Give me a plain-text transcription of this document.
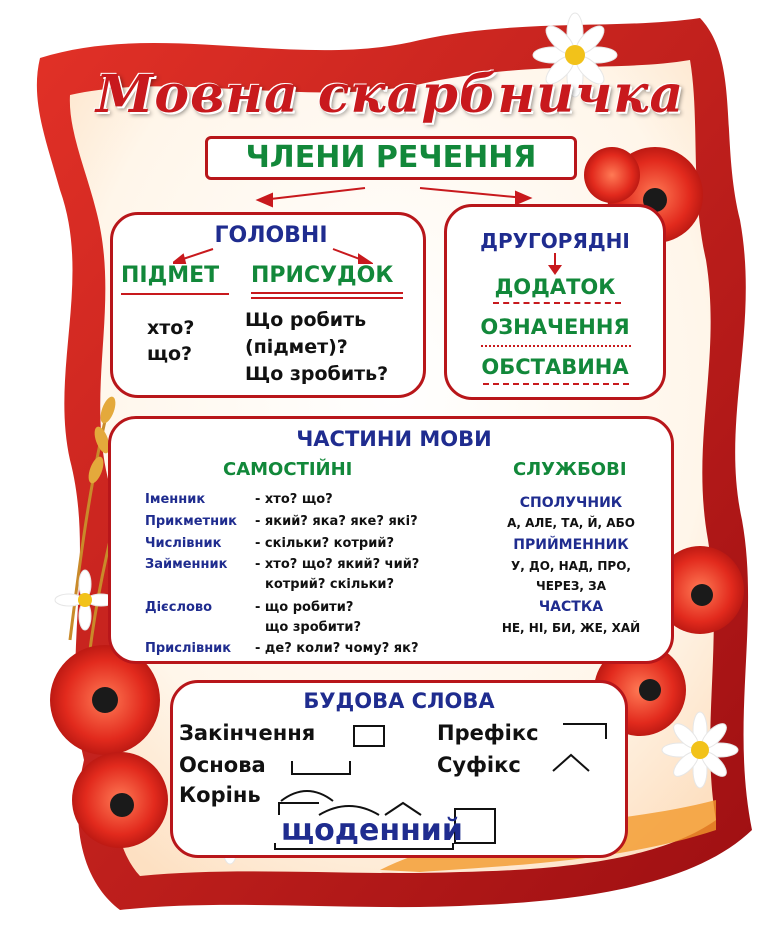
Мовна скарбничка
ЧЛЕНИ РЕЧЕННЯ
ГОЛОВНІ
ПІДМЕТ
хто?
що?
ПРИСУДОК
Що робить
(підмет)?
Що зробить?
ДРУГОРЯДНІ
ДОДАТОК
ОЗНАЧЕННЯ
ОБСТАВИНА
ЧАСТИНИ МОВИ
САМОСТІЙНІ	СЛУЖБОВІ
Іменник	- хто? що?
Прикметник - який? яка? яке? які?
Числівник	- скільки? котрий?
Займенник - хто? що? який? чий?
котрий? скільки?
Дієслово	- що робити?
що зробити?
Прислівник - де? коли? чому? як?
СПОЛУЧНИК
А, АЛЕ, ТА, Й, АБО
ПРИЙМЕННИК
У, ДО, НАД, ПРО,
ЧЕРЕЗ, ЗА
ЧАСТКА
НЕ, НІ, БИ, ЖЕ, ХАЙ
БУДОВА СЛОВА
Закінчення	Префікс
Основа	Суфікс
Корінь
щоденний
